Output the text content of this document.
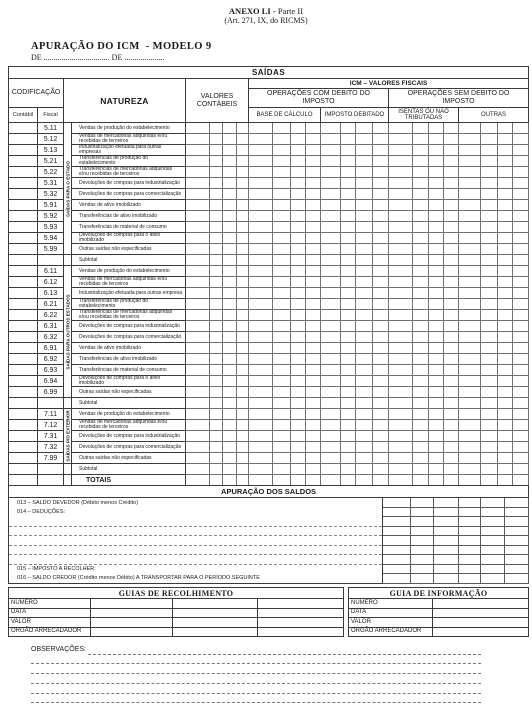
ANEXO LI - Parte II
(Art. 271, IX, do RICMS)
APURAÇÃO DO ICM  - MODELO 9
DE ................................. DE ....................
SAÍDAS																							
CODIFICAÇÃO		NATUREZA		VALORES CONTÁBEIS				ICM – VALORES FISCAIS															
								OPERAÇÕES COM DEBITO DO IMPOSTO								OPERAÇÕES SEM DEBITO DO IMPOSTO							
Contábil	Fiscal							BASE DE CÁLCULO				IMPOSTO DEBITADO				ISENTAS OU NÃO TRIBUTADAS				OUTRAS			
	5.11	SAÍDAS PARA O ESTADO	Vendas de produção do estabelecimento																				
	5.12		Vendas de mercadorias adquiridas e/ou recebidas de terceiros																				
	5.13		Industrialização efetuada para outras empresas																				
	5.21		Transferências de produção do estabelecimento																				
	5.22		Transferências de mercadorias adquiridas e/ou recebidas de terceiros																				
	5.31		Devoluções de compras para industrialização																				
	5.32		Devoluções de compras para comercialização																				
	5.91		Vendas de ativo imobilizado																				
	5.92		Transferências de ativo imobilizado																				
	5.93		Transferências de material de consumo																				
	5.94		Devoluções de compras para o ativo imobilizado																				
	5.99		Outras saídas não especificadas																				
			Subtotal																				
	6.11	SAÍDAS PARA OUTROS ESTADOS	Vendas de produção do estabelecimento																				
	6.12		Vendas de mercadorias adquiridas e/ou recebidas de terceiros																				
	6.13		Industrialização efetuada para outras empresa																				
	6.21		Transferências de produção do estabelecimento																				
	6.22		Transferências de mercadorias adquiridas e/ou recebidas de terceiros																				
	6.31		Devoluções de compras para industrialização																				
	6.32		Devoluções de compras para comercialização																				
	6.91		Vendas de ativo imobilizado																				
	6.92		Transferências de ativo imobilizado																				
	6.93		Transferências de material de consumo																				
	6.94		Devoluções de compras para o ativo imobilizado																				
	6.99		Outras saídas não especificadas																				
			Subtotal																				
	7.11	SAÍDAS P/O EXTERIOR	Vendas de produção do estabelecimento																				
	7.12		Vendas de mercadorias adquiridas e/ou recebidas de terceiros																				
	7.31		Devoluções de compras para industrialização																				
	7.32		Devoluções de compras para comercialização																				
	7.99		Outras saídas não especificadas																				
			Subtotal																				
			TOTAIS																				
APURAÇÃO DOS SALDOS						
013 – SALDO DEVEDOR (Débito menos Crédito)						
014 – DEDUÇÕES:						

015 – IMPOSTO A RECOLHER:						
016 – SALDO CREDOR (Crédito menos Débito) A TRANSPORTAR PARA O PERÍODO SEGUINTE						
GUIAS DE RECOLHIMENTO			
NUMERO			
DATA			
VALOR			
ORGÃO ARRECADADOR			
GUIA DE INFORMAÇÃO	
NUMERO	
DATA	
VALOR	
ORGÃO ARRECADADOR	
OBSERVAÇÕES:
